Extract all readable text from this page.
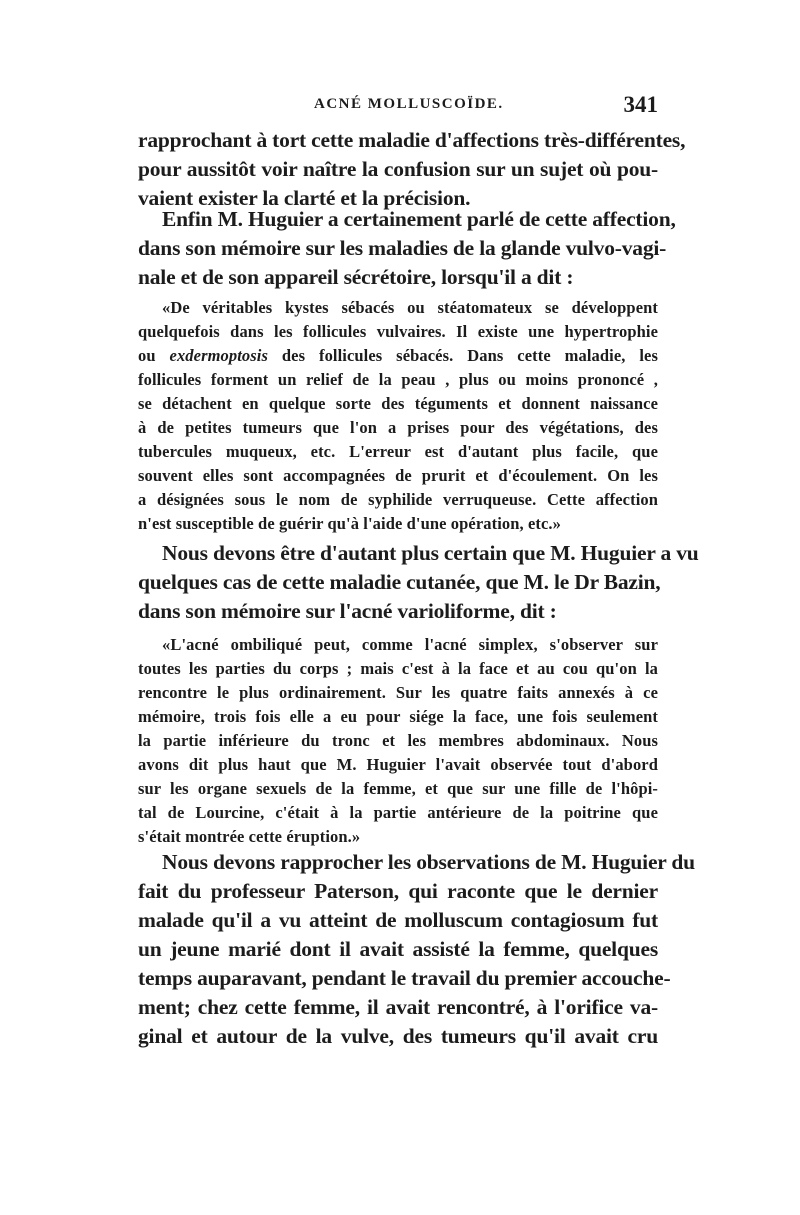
ACNÉ MOLLUSCOÏDE.	341

rapprochant à tort cette maladie d'affections très-différentes,
pour aussitôt voir naître la confusion sur un sujet où pou-
vaient exister la clarté et la précision.

Enfin M. Huguier a certainement parlé de cette affection,
dans son mémoire sur les maladies de la glande vulvo-vagi-
nale et de son appareil sécrétoire, lorsqu'il a dit :

«De véritables kystes sébacés ou stéatomateux se développent
quelquefois dans les follicules vulvaires. Il existe une hypertrophie
ou exdermoptosis des follicules sébacés. Dans cette maladie, les
follicules forment un relief de la peau , plus ou moins prononcé ,
se détachent en quelque sorte des téguments et donnent naissance
à de petites tumeurs que l'on a prises pour des végétations, des
tubercules muqueux, etc. L'erreur est d'autant plus facile, que
souvent elles sont accompagnées de prurit et d'écoulement. On les
a désignées sous le nom de syphilide verruqueuse. Cette affection
n'est susceptible de guérir qu'à l'aide d'une opération, etc.»

Nous devons être d'autant plus certain que M. Huguier a vu
quelques cas de cette maladie cutanée, que M. le Dr Bazin,
dans son mémoire sur l'acné varioliforme, dit :

«L'acné ombiliqué peut, comme l'acné simplex, s'observer sur
toutes les parties du corps ; mais c'est à la face et au cou qu'on la
rencontre le plus ordinairement. Sur les quatre faits annexés à ce
mémoire, trois fois elle a eu pour siége la face, une fois seulement
la partie inférieure du tronc et les membres abdominaux. Nous
avons dit plus haut que M. Huguier l'avait observée tout d'abord
sur les organe sexuels de la femme, et que sur une fille de l'hôpi-
tal de Lourcine, c'était à la partie antérieure de la poitrine que
s'était montrée cette éruption.»

Nous devons rapprocher les observations de M. Huguier du
fait du professeur Paterson, qui raconte que le dernier
malade qu'il a vu atteint de molluscum contagiosum fut
un jeune marié dont il avait assisté la femme, quelques
temps auparavant, pendant le travail du premier accouche-
ment; chez cette femme, il avait rencontré, à l'orifice va-
ginal et autour de la vulve, des tumeurs qu'il avait cru
